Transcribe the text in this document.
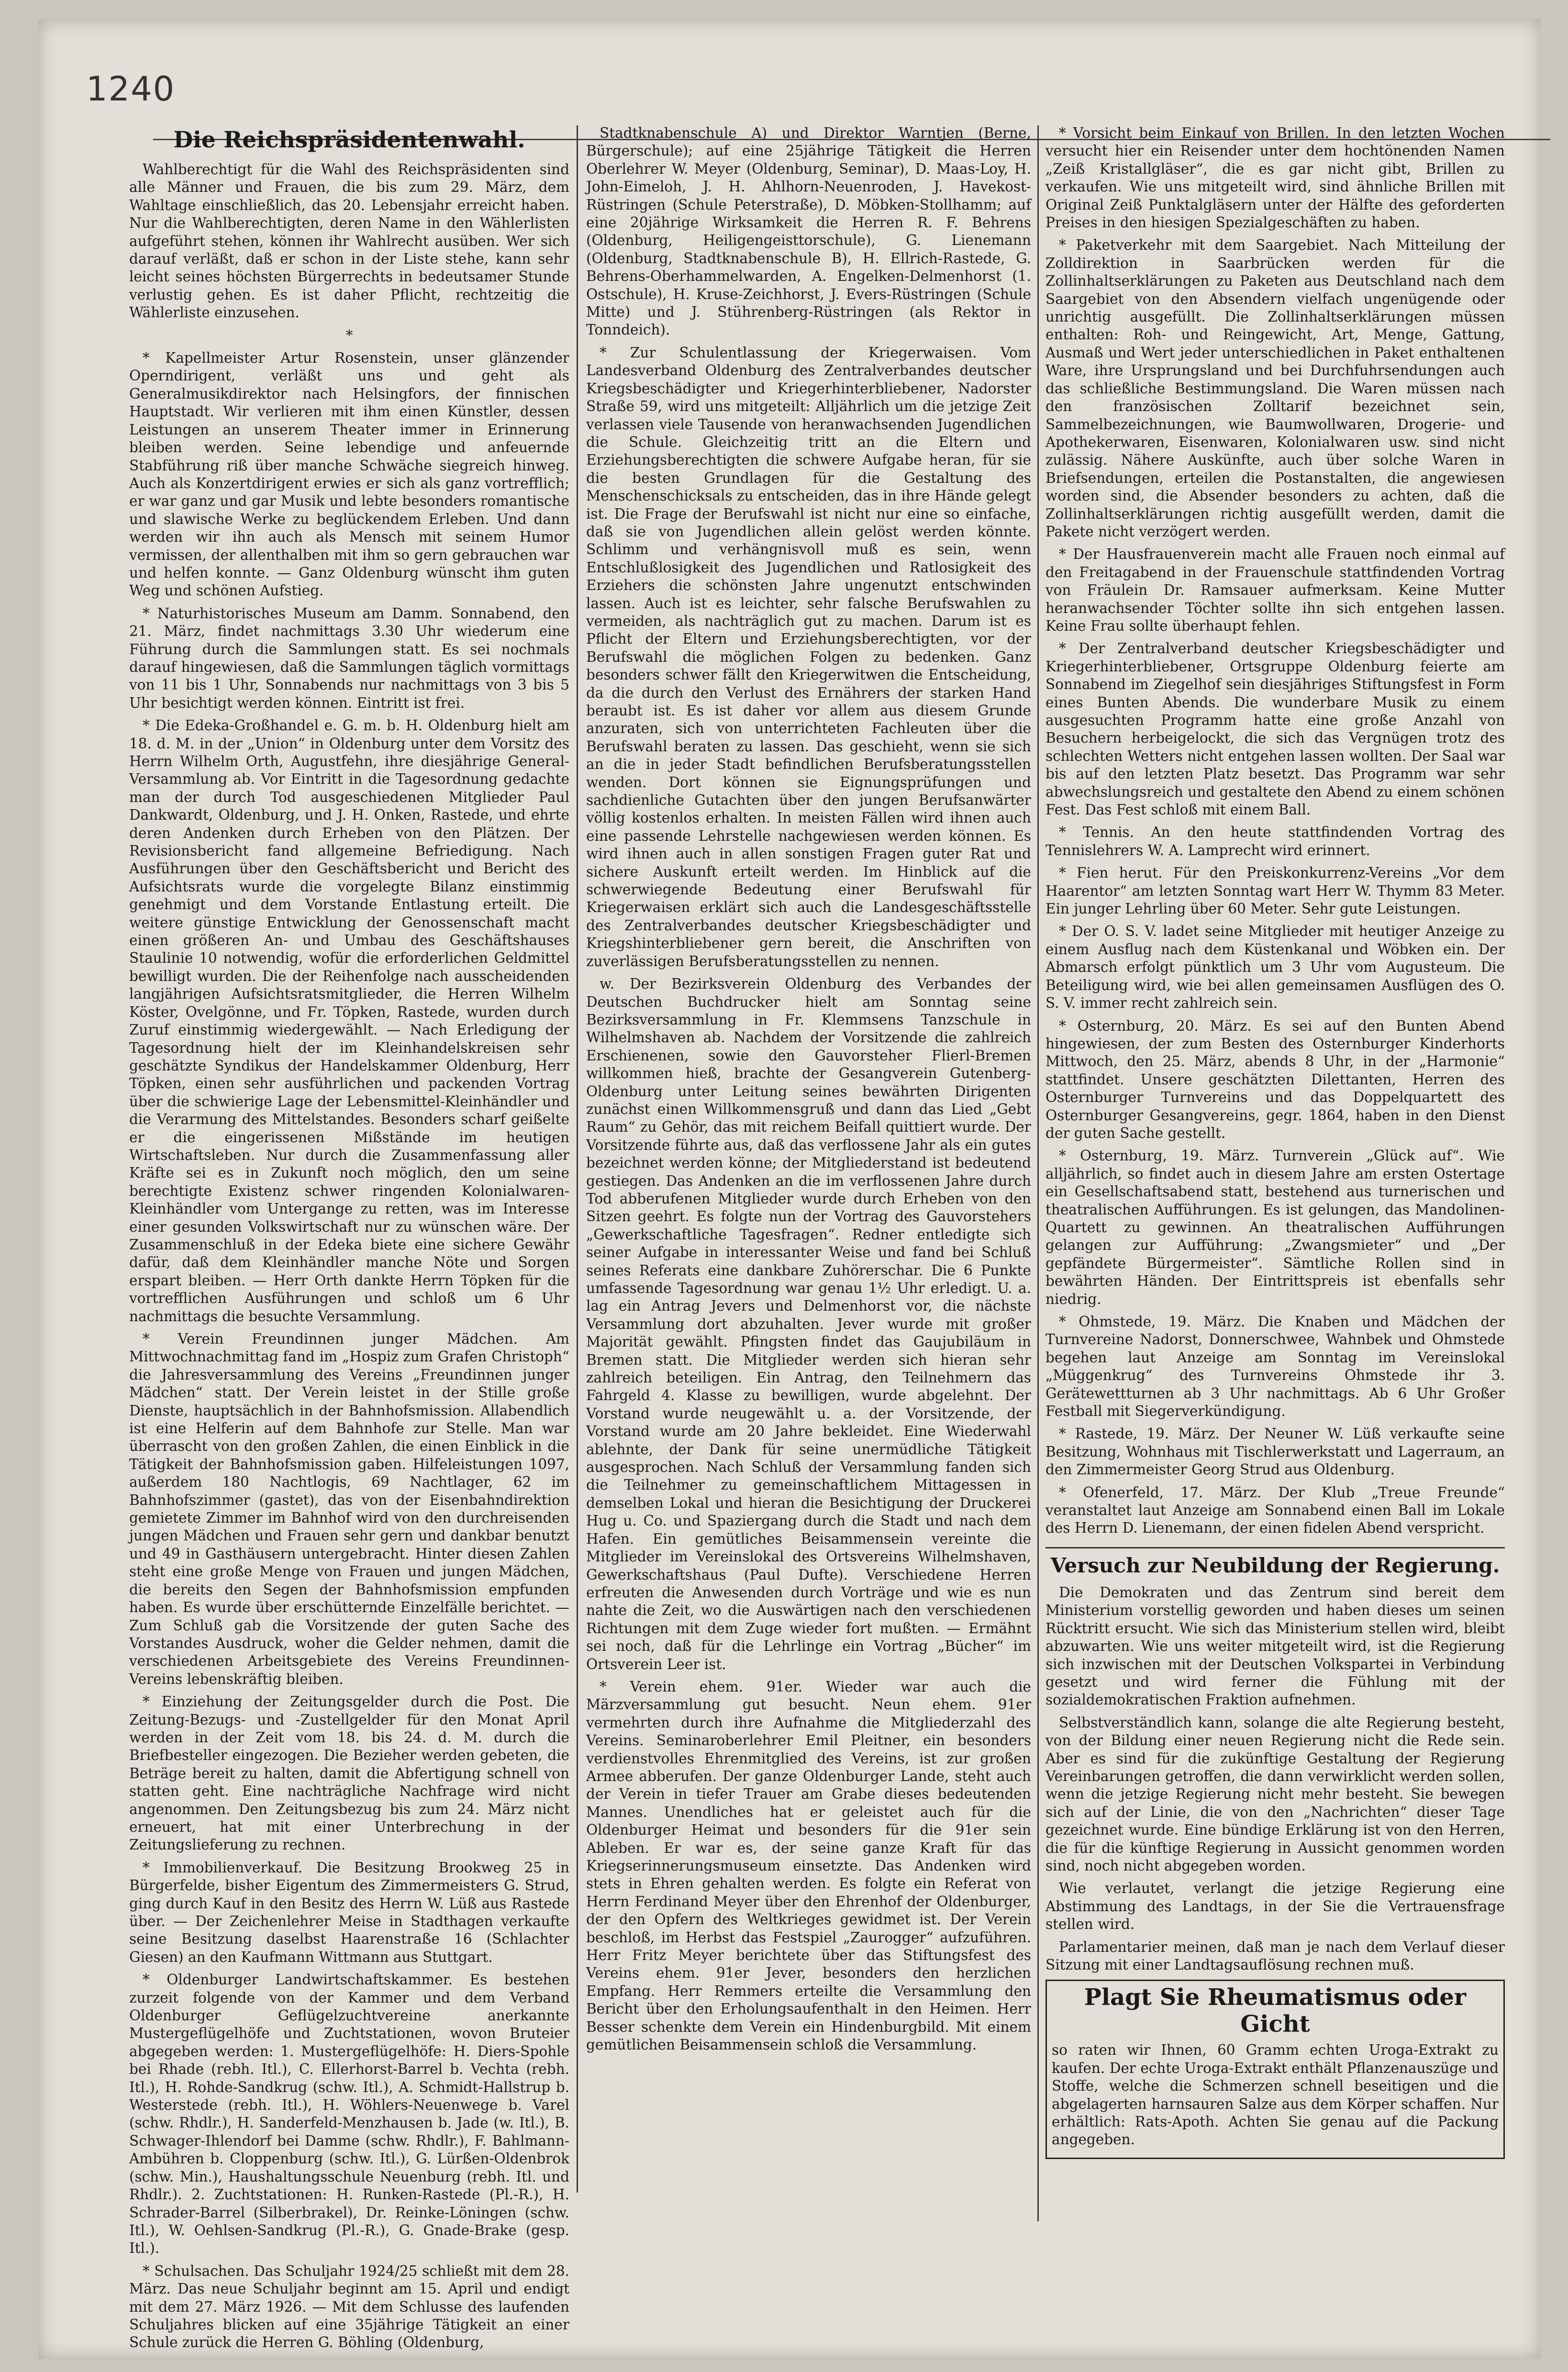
1240
Die Reichspräsidentenwahl.

Wahlberechtigt für die Wahl des Reichspräsidenten sind alle Männer und Frauen, die bis zum 29. März, dem Wahltage einschließlich, das 20. Lebensjahr erreicht haben. Nur die Wahlberechtigten, deren Name in den Wählerlisten aufgeführt stehen, können ihr Wahlrecht ausüben. Wer sich darauf verläßt, daß er schon in der Liste stehe, kann sehr leicht seines höchsten Bürgerrechts in bedeutsamer Stunde verlustig gehen. Es ist daher Pflicht, rechtzeitig die Wählerliste einzusehen.

*

* Kapellmeister Artur Rosenstein, unser glänzender Operndirigent, verläßt uns und geht als Generalmusikdirektor nach Helsingfors, der finnischen Hauptstadt. Wir verlieren mit ihm einen Künstler, dessen Leistungen an unserem Theater immer in Erinnerung bleiben werden. Seine lebendige und anfeuernde Stabführung riß über manche Schwäche siegreich hinweg. Auch als Konzertdirigent erwies er sich als ganz vortrefflich; er war ganz und gar Musik und lebte besonders romantische und slawische Werke zu beglückendem Erleben. Und dann werden wir ihn auch als Mensch mit seinem Humor vermissen, der allenthalben mit ihm so gern gebrauchen war und helfen konnte. — Ganz Oldenburg wünscht ihm guten Weg und schönen Aufstieg.

* Naturhistorisches Museum am Damm. Sonnabend, den 21. März, findet nachmittags 3.30 Uhr wiederum eine Führung durch die Sammlungen statt. Es sei nochmals darauf hingewiesen, daß die Sammlungen täglich vormittags von 11 bis 1 Uhr, Sonnabends nur nachmittags von 3 bis 5 Uhr besichtigt werden können. Eintritt ist frei.

* Die Edeka-Großhandel e. G. m. b. H. Oldenburg hielt am 18. d. M. in der „Union“ in Oldenburg unter dem Vorsitz des Herrn Wilhelm Orth, Augustfehn, ihre diesjährige General-Versammlung ab. Vor Eintritt in die Tagesordnung gedachte man der durch Tod ausgeschiedenen Mitglieder Paul Dankwardt, Oldenburg, und J. H. Onken, Rastede, und ehrte deren Andenken durch Erheben von den Plätzen. Der Revisionsbericht fand allgemeine Befriedigung. Nach Ausführungen über den Geschäftsbericht und Bericht des Aufsichtsrats wurde die vorgelegte Bilanz einstimmig genehmigt und dem Vorstande Entlastung erteilt. Die weitere günstige Entwicklung der Genossenschaft macht einen größeren An- und Umbau des Geschäftshauses Staulinie 10 notwendig, wofür die erforderlichen Geldmittel bewilligt wurden. Die der Reihenfolge nach ausscheidenden langjährigen Aufsichtsratsmitglieder, die Herren Wilhelm Köster, Ovelgönne, und Fr. Töpken, Rastede, wurden durch Zuruf einstimmig wiedergewählt. — Nach Erledigung der Tagesordnung hielt der im Kleinhandelskreisen sehr geschätzte Syndikus der Handelskammer Oldenburg, Herr Töpken, einen sehr ausführlichen und packenden Vortrag über die schwierige Lage der Lebensmittel-Kleinhändler und die Verarmung des Mittelstandes. Besonders scharf geißelte er die eingerissenen Mißstände im heutigen Wirtschaftsleben. Nur durch die Zusammenfassung aller Kräfte sei es in Zukunft noch möglich, den um seine berechtigte Existenz schwer ringenden Kolonialwaren-Kleinhändler vom Untergange zu retten, was im Interesse einer gesunden Volkswirtschaft nur zu wünschen wäre. Der Zusammenschluß in der Edeka biete eine sichere Gewähr dafür, daß dem Kleinhändler manche Nöte und Sorgen erspart bleiben. — Herr Orth dankte Herrn Töpken für die vortrefflichen Ausführungen und schloß um 6 Uhr nachmittags die besuchte Versammlung.

* Verein Freundinnen junger Mädchen. Am Mittwochnachmittag fand im „Hospiz zum Grafen Christoph“ die Jahresversammlung des Vereins „Freundinnen junger Mädchen“ statt. Der Verein leistet in der Stille große Dienste, hauptsächlich in der Bahnhofsmission. Allabendlich ist eine Helferin auf dem Bahnhofe zur Stelle. Man war überrascht von den großen Zahlen, die einen Einblick in die Tätigkeit der Bahnhofsmission gaben. Hilfeleistungen 1097, außerdem 180 Nachtlogis, 69 Nachtlager, 62 im Bahnhofszimmer (gastet), das von der Eisenbahndirektion gemietete Zimmer im Bahnhof wird von den durchreisenden jungen Mädchen und Frauen sehr gern und dankbar benutzt und 49 in Gasthäusern untergebracht. Hinter diesen Zahlen steht eine große Menge von Frauen und jungen Mädchen, die bereits den Segen der Bahnhofsmission empfunden haben. Es wurde über erschütternde Einzelfälle berichtet. — Zum Schluß gab die Vorsitzende der guten Sache des Vorstandes Ausdruck, woher die Gelder nehmen, damit die verschiedenen Arbeitsgebiete des Vereins Freundinnen-Vereins lebenskräftig bleiben.

* Einziehung der Zeitungsgelder durch die Post. Die Zeitung-Bezugs- und -Zustellgelder für den Monat April werden in der Zeit vom 18. bis 24. d. M. durch die Briefbesteller eingezogen. Die Bezieher werden gebeten, die Beträge bereit zu halten, damit die Abfertigung schnell von statten geht. Eine nachträgliche Nachfrage wird nicht angenommen. Den Zeitungsbezug bis zum 24. März nicht erneuert, hat mit einer Unterbrechung in der Zeitungslieferung zu rechnen.

* Immobilienverkauf. Die Besitzung Brookweg 25 in Bürgerfelde, bisher Eigentum des Zimmermeisters G. Strud, ging durch Kauf in den Besitz des Herrn W. Lüß aus Rastede über. — Der Zeichenlehrer Meise in Stadthagen verkaufte seine Besitzung daselbst Haarenstraße 16 (Schlachter Giesen) an den Kaufmann Wittmann aus Stuttgart.

* Oldenburger Landwirtschaftskammer. Es bestehen zurzeit folgende von der Kammer und dem Verband Oldenburger Geflügelzuchtvereine anerkannte Mustergeflügelhöfe und Zuchtstationen, wovon Bruteier abgegeben werden: 1. Mustergeflügelhöfe: H. Diers-Spohle bei Rhade (rebh. Itl.), C. Ellerhorst-Barrel b. Vechta (rebh. Itl.), H. Rohde-Sandkrug (schw. Itl.), A. Schmidt-Hallstrup b. Westerstede (rebh. Itl.), H. Wöhlers-Neuenwege b. Varel (schw. Rhdlr.), H. Sanderfeld-Menzhausen b. Jade (w. Itl.), B. Schwager-Ihlendorf bei Damme (schw. Rhdlr.), F. Bahlmann-Ambühren b. Cloppenburg (schw. Itl.), G. Lürßen-Oldenbrok (schw. Min.), Haushaltungsschule Neuenburg (rebh. Itl. und Rhdlr.). 2. Zuchtstationen: H. Runken-Rastede (Pl.-R.), H. Schrader-Barrel (Silberbrakel), Dr. Reinke-Löningen (schw. Itl.), W. Oehlsen-Sandkrug (Pl.-R.), G. Gnade-Brake (gesp. Itl.).

* Schulsachen. Das Schuljahr 1924/25 schließt mit dem 28. März. Das neue Schuljahr beginnt am 15. April und endigt mit dem 27. März 1926. — Mit dem Schlusse des laufenden Schuljahres blicken auf eine 35jährige Tätigkeit an einer Schule zurück die Herren G. Böhling (Oldenburg,

Stadtknabenschule A) und Direktor Warntjen (Berne, Bürgerschule); auf eine 25jährige Tätigkeit die Herren Oberlehrer W. Meyer (Oldenburg, Seminar), D. Maas-Loy, H. John-Eimeloh, J. H. Ahlhorn-Neuenroden, J. Havekost-Rüstringen (Schule Peterstraße), D. Möbken-Stollhamm; auf eine 20jährige Wirksamkeit die Herren R. F. Behrens (Oldenburg, Heiligengeisttorschule), G. Lienemann (Oldenburg, Stadtknabenschule B), H. Ellrich-Rastede, G. Behrens-Oberhammelwarden, A. Engelken-Delmenhorst (1. Ostschule), H. Kruse-Zeichhorst, J. Evers-Rüstringen (Schule Mitte) und J. Stührenberg-Rüstringen (als Rektor in Tonndeich).

* Zur Schulentlassung der Kriegerwaisen. Vom Landesverband Oldenburg des Zentralverbandes deutscher Kriegsbeschädigter und Kriegerhinterbliebener, Nadorster Straße 59, wird uns mitgeteilt: Alljährlich um die jetzige Zeit verlassen viele Tausende von heranwachsenden Jugendlichen die Schule. Gleichzeitig tritt an die Eltern und Erziehungsberechtigten die schwere Aufgabe heran, für sie die besten Grundlagen für die Gestaltung des Menschenschicksals zu entscheiden, das in ihre Hände gelegt ist. Die Frage der Berufswahl ist nicht nur eine so einfache, daß sie von Jugendlichen allein gelöst werden könnte. Schlimm und verhängnisvoll muß es sein, wenn Entschlußlosigkeit des Jugendlichen und Ratlosigkeit des Erziehers die schönsten Jahre ungenutzt entschwinden lassen. Auch ist es leichter, sehr falsche Berufswahlen zu vermeiden, als nachträglich gut zu machen. Darum ist es Pflicht der Eltern und Erziehungsberechtigten, vor der Berufswahl die möglichen Folgen zu bedenken. Ganz besonders schwer fällt den Kriegerwitwen die Entscheidung, da die durch den Verlust des Ernährers der starken Hand beraubt ist. Es ist daher vor allem aus diesem Grunde anzuraten, sich von unterrichteten Fachleuten über die Berufswahl beraten zu lassen. Das geschieht, wenn sie sich an die in jeder Stadt befindlichen Berufsberatungsstellen wenden. Dort können sie Eignungsprüfungen und sachdienliche Gutachten über den jungen Berufsanwärter völlig kostenlos erhalten. In meisten Fällen wird ihnen auch eine passende Lehrstelle nachgewiesen werden können. Es wird ihnen auch in allen sonstigen Fragen guter Rat und sichere Auskunft erteilt werden. Im Hinblick auf die schwerwiegende Bedeutung einer Berufswahl für Kriegerwaisen erklärt sich auch die Landesgeschäftsstelle des Zentralverbandes deutscher Kriegsbeschädigter und Kriegshinterbliebener gern bereit, die Anschriften von zuverlässigen Berufsberatungsstellen zu nennen.

w. Der Bezirksverein Oldenburg des Verbandes der Deutschen Buchdrucker hielt am Sonntag seine Bezirksversammlung in Fr. Klemmsens Tanzschule in Wilhelmshaven ab. Nachdem der Vorsitzende die zahlreich Erschienenen, sowie den Gauvorsteher Flierl-Bremen willkommen hieß, brachte der Gesangverein Gutenberg-Oldenburg unter Leitung seines bewährten Dirigenten zunächst einen Willkommensgruß und dann das Lied „Gebt Raum“ zu Gehör, das mit reichem Beifall quittiert wurde. Der Vorsitzende führte aus, daß das verflossene Jahr als ein gutes bezeichnet werden könne; der Mitgliederstand ist bedeutend gestiegen. Das Andenken an die im verflossenen Jahre durch Tod abberufenen Mitglieder wurde durch Erheben von den Sitzen geehrt. Es folgte nun der Vortrag des Gauvorstehers „Gewerkschaftliche Tagesfragen“. Redner entledigte sich seiner Aufgabe in interessanter Weise und fand bei Schluß seines Referats eine dankbare Zuhörerschar. Die 6 Punkte umfassende Tagesordnung war genau 1½ Uhr erledigt. U. a. lag ein Antrag Jevers und Delmenhorst vor, die nächste Versammlung dort abzuhalten. Jever wurde mit großer Majorität gewählt. Pfingsten findet das Gaujubiläum in Bremen statt. Die Mitglieder werden sich hieran sehr zahlreich beteiligen. Ein Antrag, den Teilnehmern das Fahrgeld 4. Klasse zu bewilligen, wurde abgelehnt. Der Vorstand wurde neugewählt u. a. der Vorsitzende, der Vorstand wurde am 20 Jahre bekleidet. Eine Wiederwahl ablehnte, der Dank für seine unermüdliche Tätigkeit ausgesprochen. Nach Schluß der Versammlung fanden sich die Teilnehmer zu gemeinschaftlichem Mittagessen in demselben Lokal und hieran die Besichtigung der Druckerei Hug u. Co. und Spaziergang durch die Stadt und nach dem Hafen. Ein gemütliches Beisammensein vereinte die Mitglieder im Vereinslokal des Ortsvereins Wilhelmshaven, Gewerkschaftshaus (Paul Dufte). Verschiedene Herren erfreuten die Anwesenden durch Vorträge und wie es nun nahte die Zeit, wo die Auswärtigen nach den verschiedenen Richtungen mit dem Zuge wieder fort mußten. — Ermähnt sei noch, daß für die Lehrlinge ein Vortrag „Bücher“ im Ortsverein Leer ist.

* Verein ehem. 91er. Wieder war auch die Märzversammlung gut besucht. Neun ehem. 91er vermehrten durch ihre Aufnahme die Mitgliederzahl des Vereins. Seminaroberlehrer Emil Pleitner, ein besonders verdienstvolles Ehrenmitglied des Vereins, ist zur großen Armee abberufen. Der ganze Oldenburger Lande, steht auch der Verein in tiefer Trauer am Grabe dieses bedeutenden Mannes. Unendliches hat er geleistet auch für die Oldenburger Heimat und besonders für die 91er sein Ableben. Er war es, der seine ganze Kraft für das Kriegserinnerungsmuseum einsetzte. Das Andenken wird stets in Ehren gehalten werden. Es folgte ein Referat von Herrn Ferdinand Meyer über den Ehrenhof der Oldenburger, der den Opfern des Weltkrieges gewidmet ist. Der Verein beschloß, im Herbst das Festspiel „Zaurogger“ aufzuführen. Herr Fritz Meyer berichtete über das Stiftungsfest des Vereins ehem. 91er Jever, besonders den herzlichen Empfang. Herr Remmers erteilte die Versammlung den Bericht über den Erholungsaufenthalt in den Heimen. Herr Besser schenkte dem Verein ein Hindenburgbild. Mit einem gemütlichen Beisammensein schloß die Versammlung.

* Vorsicht beim Einkauf von Brillen. In den letzten Wochen versucht hier ein Reisender unter dem hochtönenden Namen „Zeiß Kristallgläser“, die es gar nicht gibt, Brillen zu verkaufen. Wie uns mitgeteilt wird, sind ähnliche Brillen mit Original Zeiß Punktalgläsern unter der Hälfte des geforderten Preises in den hiesigen Spezialgeschäften zu haben.

* Paketverkehr mit dem Saargebiet. Nach Mitteilung der Zolldirektion in Saarbrücken werden für die Zollinhaltserklärungen zu Paketen aus Deutschland nach dem Saargebiet von den Absendern vielfach ungenügende oder unrichtig ausgefüllt. Die Zollinhaltserklärungen müssen enthalten: Roh- und Reingewicht, Art, Menge, Gattung, Ausmaß und Wert jeder unterschiedlichen in Paket enthaltenen Ware, ihre Ursprungsland und bei Durchfuhrsendungen auch das schließliche Bestimmungsland. Die Waren müssen nach den französischen Zolltarif bezeichnet sein, Sammelbezeichnungen, wie Baumwollwaren, Drogerie- und Apothekerwaren, Eisenwaren, Kolonialwaren usw. sind nicht zulässig. Nähere Auskünfte, auch über solche Waren in Briefsendungen, erteilen die Postanstalten, die angewiesen worden sind, die Absender besonders zu achten, daß die Zollinhaltserklärungen richtig ausgefüllt werden, damit die Pakete nicht verzögert werden.

* Der Hausfrauenverein macht alle Frauen noch einmal auf den Freitagabend in der Frauenschule stattfindenden Vortrag von Fräulein Dr. Ramsauer aufmerksam. Keine Mutter heranwachsender Töchter sollte ihn sich entgehen lassen. Keine Frau sollte überhaupt fehlen.

* Der Zentralverband deutscher Kriegsbeschädigter und Kriegerhinterbliebener, Ortsgruppe Oldenburg feierte am Sonnabend im Ziegelhof sein diesjähriges Stiftungsfest in Form eines Bunten Abends. Die wunderbare Musik zu einem ausgesuchten Programm hatte eine große Anzahl von Besuchern herbeigelockt, die sich das Vergnügen trotz des schlechten Wetters nicht entgehen lassen wollten. Der Saal war bis auf den letzten Platz besetzt. Das Programm war sehr abwechslungsreich und gestaltete den Abend zu einem schönen Fest. Das Fest schloß mit einem Ball.

* Tennis. An den heute stattfindenden Vortrag des Tennislehrers W. A. Lamprecht wird erinnert.

* Fien herut. Für den Preiskonkurrenz-Vereins „Vor dem Haarentor“ am letzten Sonntag wart Herr W. Thymm 83 Meter. Ein junger Lehrling über 60 Meter. Sehr gute Leistungen.

* Der O. S. V. ladet seine Mitglieder mit heutiger Anzeige zu einem Ausflug nach dem Küstenkanal und Wöbken ein. Der Abmarsch erfolgt pünktlich um 3 Uhr vom Augusteum. Die Beteiligung wird, wie bei allen gemeinsamen Ausflügen des O. S. V. immer recht zahlreich sein.

* Osternburg, 20. März. Es sei auf den Bunten Abend hingewiesen, der zum Besten des Osternburger Kinderhorts Mittwoch, den 25. März, abends 8 Uhr, in der „Harmonie“ stattfindet. Unsere geschätzten Dilettanten, Herren des Osternburger Turnvereins und das Doppelquartett des Osternburger Gesangvereins, gegr. 1864, haben in den Dienst der guten Sache gestellt.

* Osternburg, 19. März. Turnverein „Glück auf“. Wie alljährlich, so findet auch in diesem Jahre am ersten Ostertage ein Gesellschaftsabend statt, bestehend aus turnerischen und theatralischen Aufführungen. Es ist gelungen, das Mandolinen-Quartett zu gewinnen. An theatralischen Aufführungen gelangen zur Aufführung: „Zwangsmieter“ und „Der gepfändete Bürgermeister“. Sämtliche Rollen sind in bewährten Händen. Der Eintrittspreis ist ebenfalls sehr niedrig.

* Ohmstede, 19. März. Die Knaben und Mädchen der Turnvereine Nadorst, Donnerschwee, Wahnbek und Ohmstede begehen laut Anzeige am Sonntag im Vereinslokal „Müggenkrug“ des Turnvereins Ohmstede ihr 3. Gerätewettturnen ab 3 Uhr nachmittags. Ab 6 Uhr Großer Festball mit Siegerverkündigung.

* Rastede, 19. März. Der Neuner W. Lüß verkaufte seine Besitzung, Wohnhaus mit Tischlerwerkstatt und Lagerraum, an den Zimmermeister Georg Strud aus Oldenburg.

* Ofenerfeld, 17. März. Der Klub „Treue Freunde“ veranstaltet laut Anzeige am Sonnabend einen Ball im Lokale des Herrn D. Lienemann, der einen fidelen Abend verspricht.

Versuch zur Neubildung der Regierung.

Die Demokraten und das Zentrum sind bereit dem Ministerium vorstellig geworden und haben dieses um seinen Rücktritt ersucht. Wie sich das Ministerium stellen wird, bleibt abzuwarten. Wie uns weiter mitgeteilt wird, ist die Regierung sich inzwischen mit der Deutschen Volkspartei in Verbindung gesetzt und wird ferner die Fühlung mit der sozialdemokratischen Fraktion aufnehmen.

Selbstverständlich kann, solange die alte Regierung besteht, von der Bildung einer neuen Regierung nicht die Rede sein. Aber es sind für die zukünftige Gestaltung der Regierung Vereinbarungen getroffen, die dann verwirklicht werden sollen, wenn die jetzige Regierung nicht mehr besteht. Sie bewegen sich auf der Linie, die von den „Nachrichten“ dieser Tage gezeichnet wurde. Eine bündige Erklärung ist von den Herren, die für die künftige Regierung in Aussicht genommen worden sind, noch nicht abgegeben worden.

Wie verlautet, verlangt die jetzige Regierung eine Abstimmung des Landtags, in der Sie die Vertrauensfrage stellen wird.

Parlamentarier meinen, daß man je nach dem Verlauf dieser Sitzung mit einer Landtagsauflösung rechnen muß.

Plagt Sie Rheumatismus oder Gicht

so raten wir Ihnen, 60 Gramm echten Uroga-Extrakt zu kaufen. Der echte Uroga-Extrakt enthält Pflanzenauszüge und Stoffe, welche die Schmerzen schnell beseitigen und die abgelagerten harnsauren Salze aus dem Körper schaffen. Nur erhältlich: Rats-Apoth. Achten Sie genau auf die Packung angegeben.
